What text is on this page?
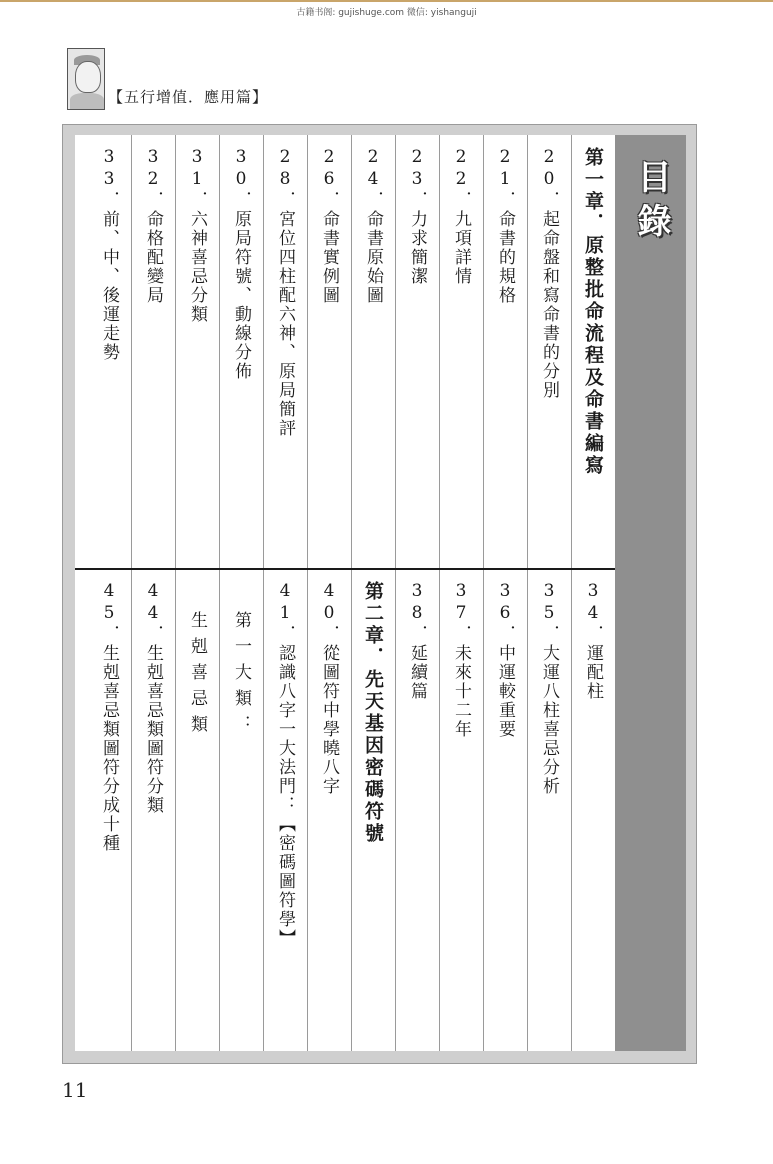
古籍书阁: gujishuge.com 微信: yishanguji
【五行增值．應用篇】
第一章．原整批命流程及命書編寫
20．起命盤和寫命書的分別
21．命書的規格
22．九項詳情
23．力求簡潔
24．命書原始圖
26．命書實例圖
28．宮位四柱配六神、原局簡評
30．原局符號、動線分佈
31．六神喜忌分類
32．命格配變局
33．前、中、後運走勢
34．運配柱
35．大運八柱喜忌分析
36．中運較重要
37．未來十二年
38．延續篇
第二章．先天基因密碼符號
40．從圖符中學曉八字
41．認識八字一大法門：【密碼圖符學】
第一大類：
生剋喜忌類
44．生剋喜忌類圖符分類
45．生剋喜忌類圖符分成十種
目錄
11
